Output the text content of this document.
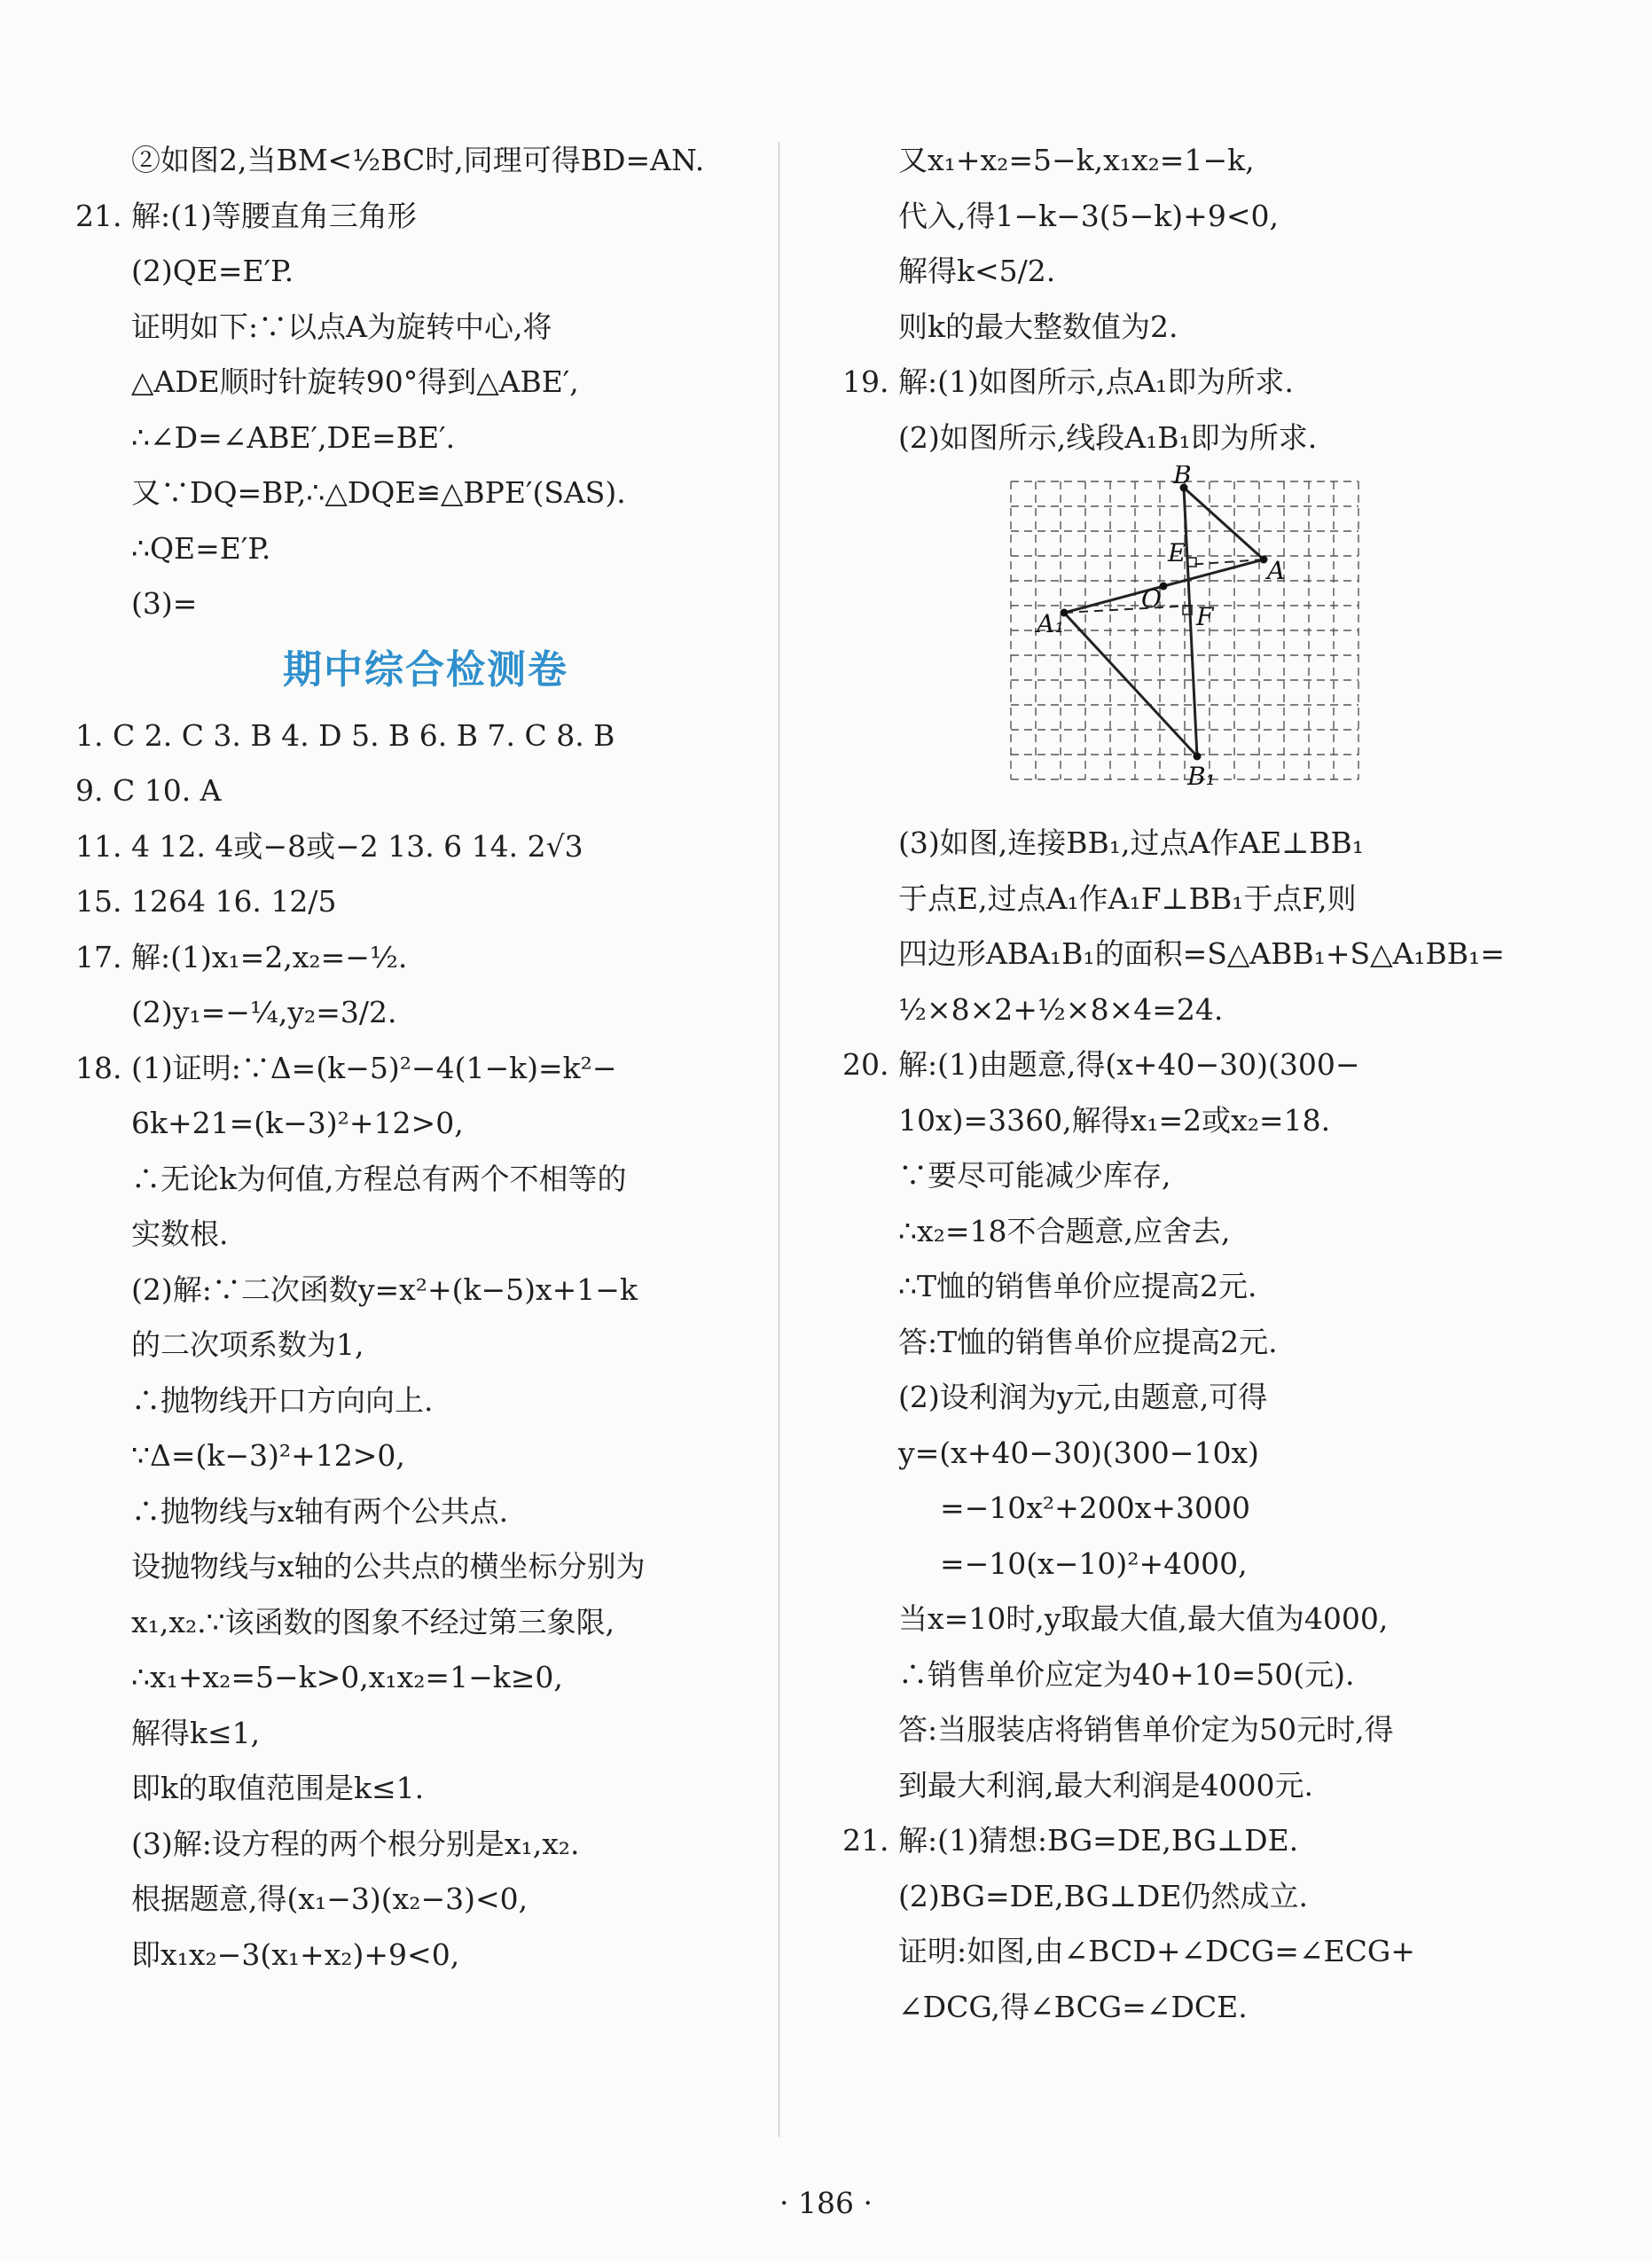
②如图2,当BM<½BC时,同理可得BD=AN.
21. 解:(1)等腰直角三角形
(2)QE=E′P.
证明如下:∵以点A为旋转中心,将
△ADE顺时针旋转90°得到△ABE′,
∴∠D=∠ABE′,DE=BE′.
又∵DQ=BP,∴△DQE≌△BPE′(SAS).
∴QE=E′P.
(3)=
期中综合检测卷
1. C 2. C 3. B 4. D 5. B 6. B 7. C 8. B
9. C 10. A
11. 4 12. 4或−8或−2 13. 6 14. 2√3
15. 1264 16. 12/5
17. 解:(1)x₁=2,x₂=−½.
(2)y₁=−¼,y₂=3/2.
18. (1)证明:∵Δ=(k−5)²−4(1−k)=k²−
6k+21=(k−3)²+12>0,
∴无论k为何值,方程总有两个不相等的
实数根.
(2)解:∵二次函数y=x²+(k−5)x+1−k
的二次项系数为1,
∴抛物线开口方向向上.
∵Δ=(k−3)²+12>0,
∴抛物线与x轴有两个公共点.
设抛物线与x轴的公共点的横坐标分别为
x₁,x₂.∵该函数的图象不经过第三象限,
∴x₁+x₂=5−k>0,x₁x₂=1−k≥0,
解得k≤1,
即k的取值范围是k≤1.
(3)解:设方程的两个根分别是x₁,x₂.
根据题意,得(x₁−3)(x₂−3)<0,
即x₁x₂−3(x₁+x₂)+9<0,
又x₁+x₂=5−k,x₁x₂=1−k,
代入,得1−k−3(5−k)+9<0,
解得k<5/2.
则k的最大整数值为2.
19. 解:(1)如图所示,点A₁即为所求.
(2)如图所示,线段A₁B₁即为所求.
B
E
A
O
A₁	F
B₁
(3)如图,连接BB₁,过点A作AE⊥BB₁
于点E,过点A₁作A₁F⊥BB₁于点F,则
四边形ABA₁B₁的面积=S△ABB₁+S△A₁BB₁=
½×8×2+½×8×4=24.
20. 解:(1)由题意,得(x+40−30)(300−
10x)=3360,解得x₁=2或x₂=18.
∵要尽可能减少库存,
∴x₂=18不合题意,应舍去,
∴T恤的销售单价应提高2元.
答:T恤的销售单价应提高2元.
(2)设利润为y元,由题意,可得
y=(x+40−30)(300−10x)
=−10x²+200x+3000
=−10(x−10)²+4000,
当x=10时,y取最大值,最大值为4000,
∴销售单价应定为40+10=50(元).
答:当服装店将销售单价定为50元时,得
到最大利润,最大利润是4000元.
21. 解:(1)猜想:BG=DE,BG⊥DE.
(2)BG=DE,BG⊥DE仍然成立.
证明:如图,由∠BCD+∠DCG=∠ECG+
∠DCG,得∠BCG=∠DCE.
· 186 ·
